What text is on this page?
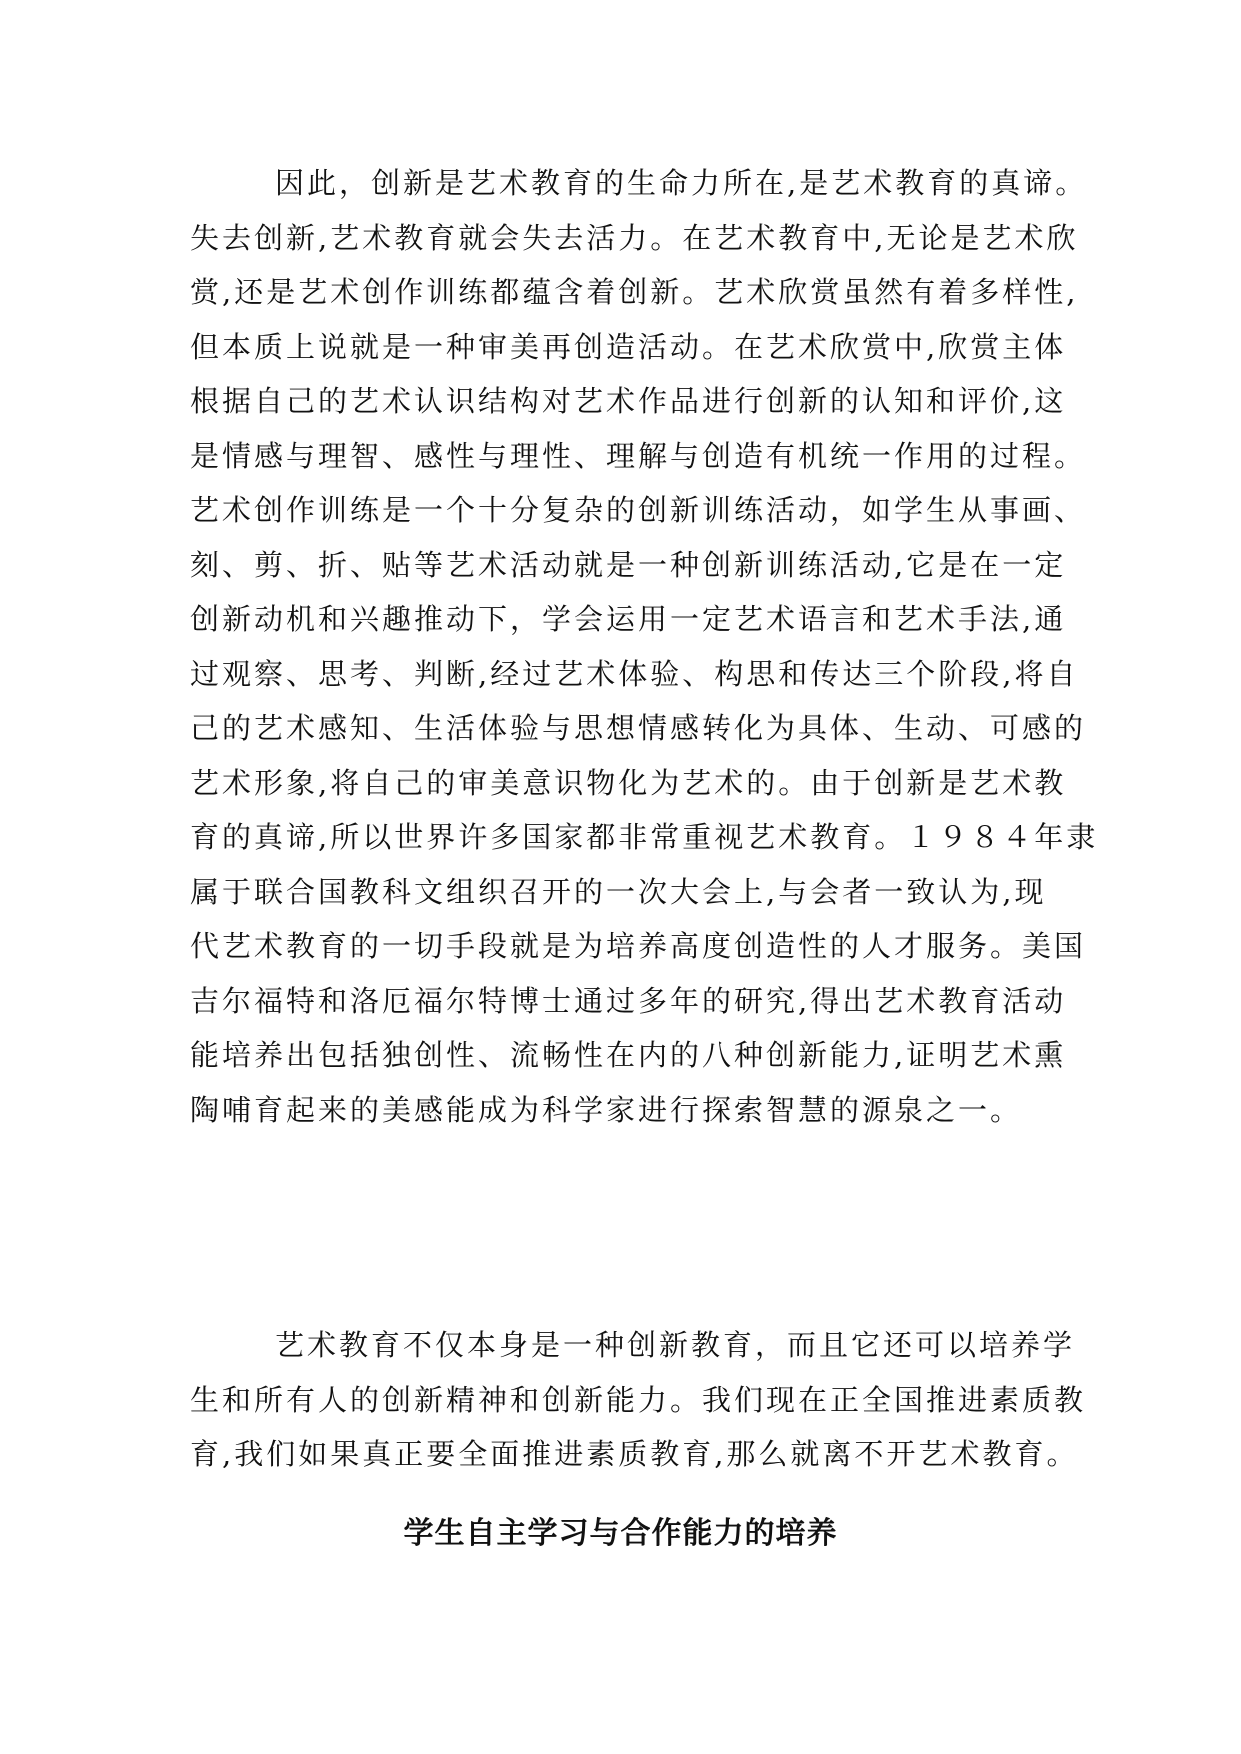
因此，创新是艺术教育的生命力所在,是艺术教育的真谛。
失去创新,艺术教育就会失去活力。在艺术教育中,无论是艺术欣
赏,还是艺术创作训练都蕴含着创新。艺术欣赏虽然有着多样性,
但本质上说就是一种审美再创造活动。在艺术欣赏中,欣赏主体
根据自己的艺术认识结构对艺术作品进行创新的认知和评价,这
是情感与理智、感性与理性、理解与创造有机统一作用的过程。
艺术创作训练是一个十分复杂的创新训练活动，如学生从事画、
刻、剪、折、贴等艺术活动就是一种创新训练活动,它是在一定
创新动机和兴趣推动下，学会运用一定艺术语言和艺术手法,通
过观察、思考、判断,经过艺术体验、构思和传达三个阶段,将自
己的艺术感知、生活体验与思想情感转化为具体、生动、可感的
艺术形象,将自己的审美意识物化为艺术的。由于创新是艺术教
育的真谛,所以世界许多国家都非常重视艺术教育。１９８４年隶
属于联合国教科文组织召开的一次大会上,与会者一致认为,现
代艺术教育的一切手段就是为培养高度创造性的人才服务。美国
吉尔福特和洛厄福尔特博士通过多年的研究,得出艺术教育活动
能培养出包括独创性、流畅性在内的八种创新能力,证明艺术熏
陶哺育起来的美感能成为科学家进行探索智慧的源泉之一。
艺术教育不仅本身是一种创新教育，而且它还可以培养学
生和所有人的创新精神和创新能力。我们现在正全国推进素质教
育,我们如果真正要全面推进素质教育,那么就离不开艺术教育。
学生自主学习与合作能力的培养
